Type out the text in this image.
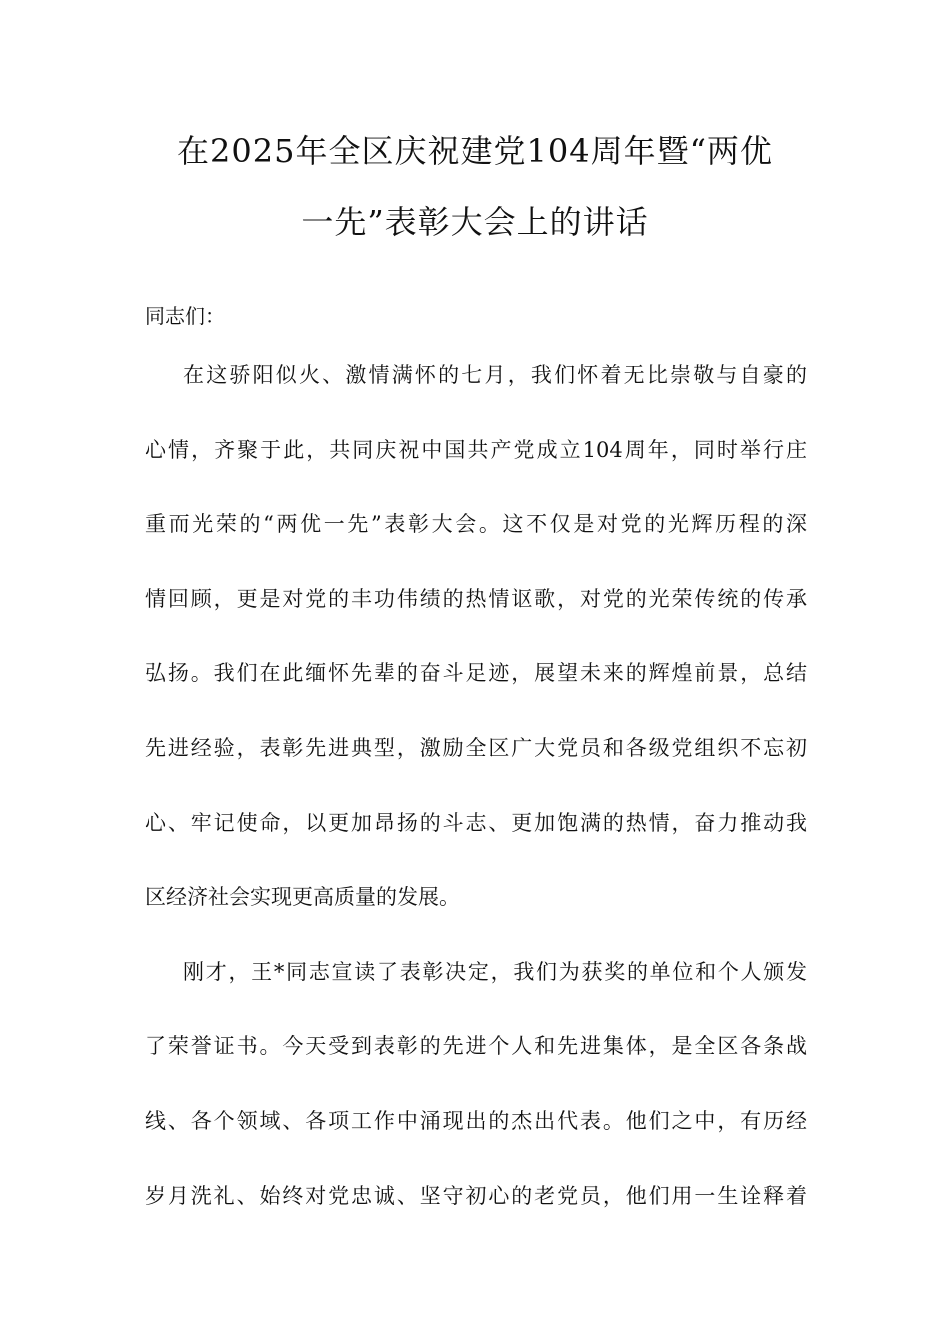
在2025年全区庆祝建党104周年暨“两优
一先”表彰大会上的讲话
同志们：
在这骄阳似火、激情满怀的七月，我们怀着无比崇敬与自豪的
心情，齐聚于此，共同庆祝中国共产党成立104周年，同时举行庄
重而光荣的“两优一先”表彰大会。这不仅是对党的光辉历程的深
情回顾，更是对党的丰功伟绩的热情讴歌，对党的光荣传统的传承
弘扬。我们在此缅怀先辈的奋斗足迹，展望未来的辉煌前景，总结
先进经验，表彰先进典型，激励全区广大党员和各级党组织不忘初
心、牢记使命，以更加昂扬的斗志、更加饱满的热情，奋力推动我
区经济社会实现更高质量的发展。
刚才，王*同志宣读了表彰决定，我们为获奖的单位和个人颁发
了荣誉证书。今天受到表彰的先进个人和先进集体，是全区各条战
线、各个领域、各项工作中涌现出的杰出代表。他们之中，有历经
岁月洗礼、始终对党忠诚、坚守初心的老党员，他们用一生诠释着
